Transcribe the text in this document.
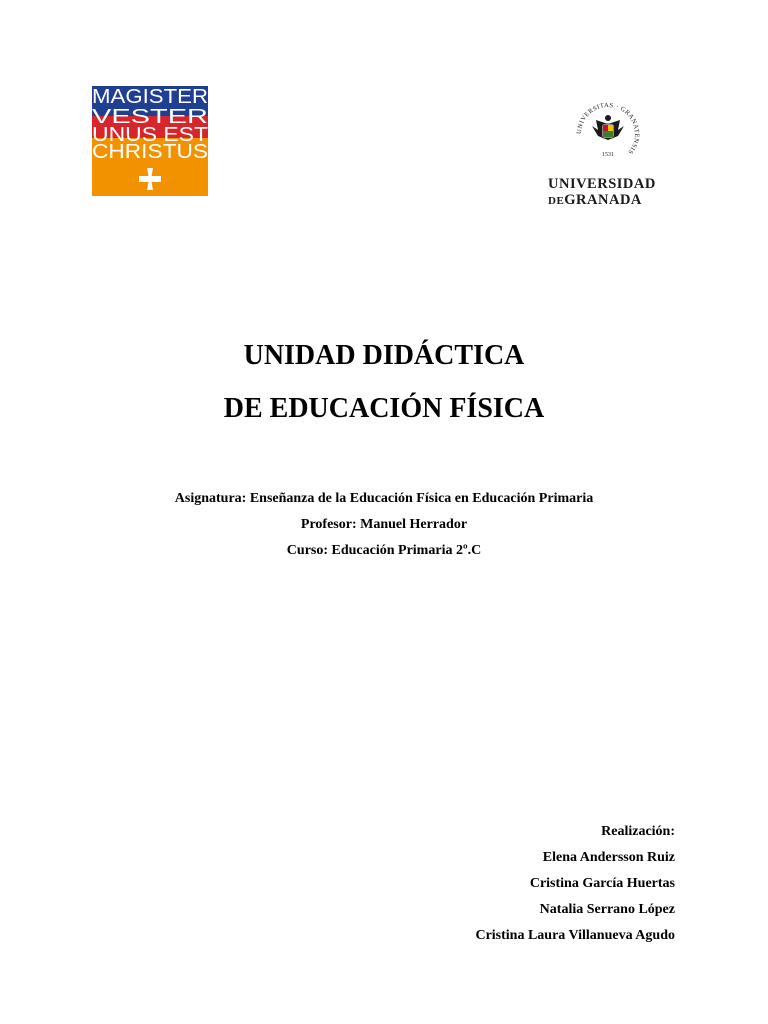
MAGISTER
VESTER
UNUS EST
CHRISTUS
UNIVERSITAS · GRANATENSIS
1531
UNIVERSIDAD
DEGRANADA
UNIDAD DIDÁCTICA
DE EDUCACIÓN FÍSICA
Asignatura: Enseñanza de la Educación Física en Educación Primaria
Profesor: Manuel Herrador
Curso: Educación Primaria 2º.C
Realización:
Elena Andersson Ruiz
Cristina García Huertas
Natalia Serrano López
Cristina Laura Villanueva Agudo
